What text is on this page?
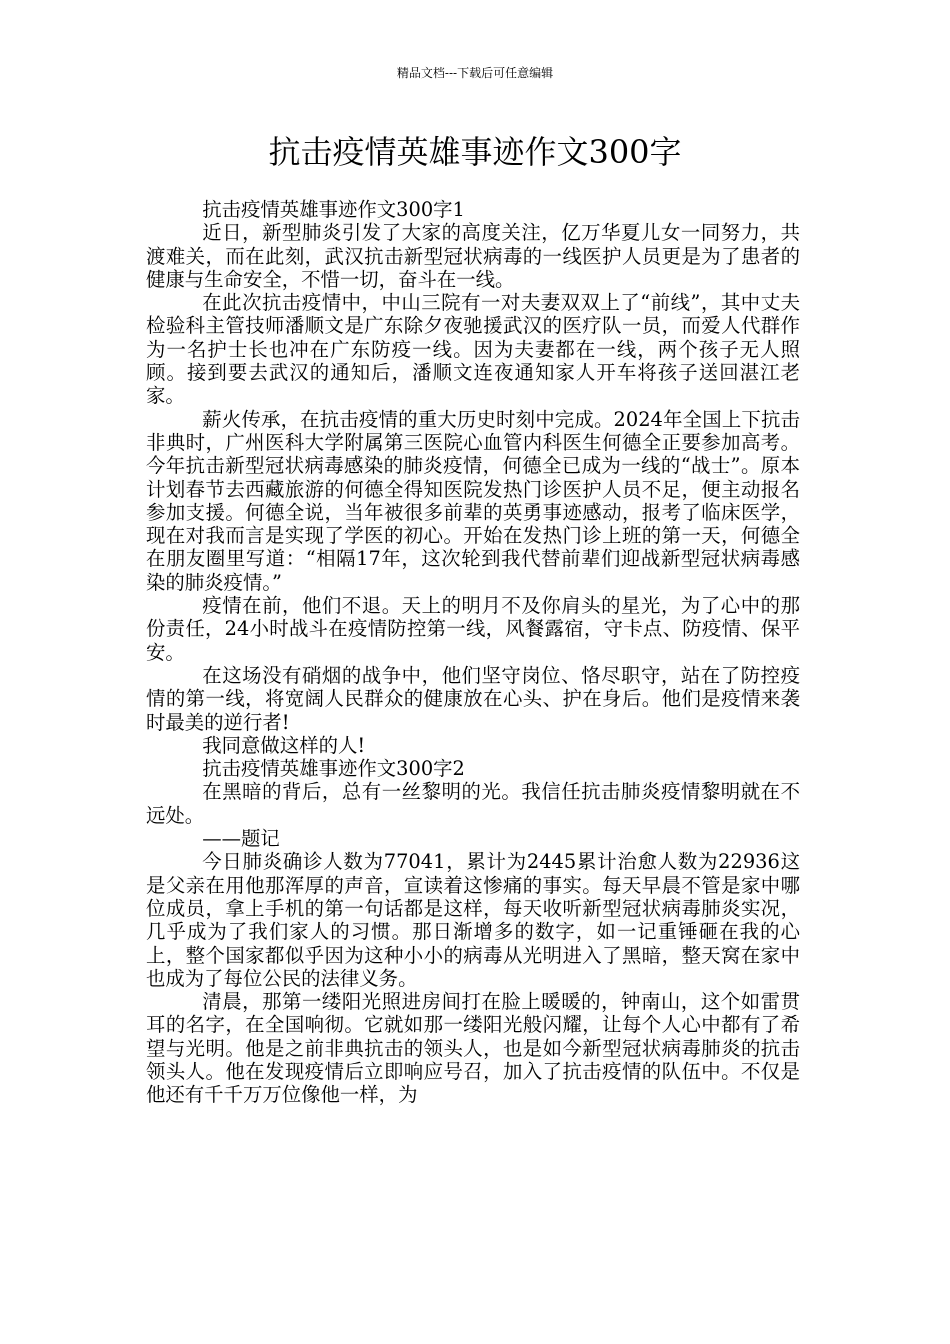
精品文档---下载后可任意编辑
抗击疫情英雄事迹作文300字

抗击疫情英雄事迹作文300字1

近日，新型肺炎引发了大家的高度关注，亿万华夏儿女一同努力，共渡难关，而在此刻，武汉抗击新型冠状病毒的一线医护人员更是为了患者的健康与生命安全，不惜一切，奋斗在一线。

在此次抗击疫情中，中山三院有一对夫妻双双上了“前线”，其中丈夫检验科主管技师潘顺文是广东除夕夜驰援武汉的医疗队一员，而爱人代群作为一名护士长也冲在广东防疫一线。因为夫妻都在一线，两个孩子无人照顾。接到要去武汉的通知后，潘顺文连夜通知家人开车将孩子送回湛江老家。

薪火传承，在抗击疫情的重大历史时刻中完成。2024年全国上下抗击非典时，广州医科大学附属第三医院心血管内科医生何德全正要参加高考。今年抗击新型冠状病毒感染的肺炎疫情，何德全已成为一线的“战士”。原本计划春节去西藏旅游的何德全得知医院发热门诊医护人员不足，便主动报名参加支援。何德全说，当年被很多前辈的英勇事迹感动，报考了临床医学，现在对我而言是实现了学医的初心。开始在发热门诊上班的第一天，何德全在朋友圈里写道：“相隔17年，这次轮到我代替前辈们迎战新型冠状病毒感染的肺炎疫情。”

疫情在前，他们不退。天上的明月不及你肩头的星光，为了心中的那份责任，24小时战斗在疫情防控第一线，风餐露宿，守卡点、防疫情、保平安。

在这场没有硝烟的战争中，他们坚守岗位、恪尽职守，站在了防控疫情的第一线，将宽阔人民群众的健康放在心头、护在身后。他们是疫情来袭时最美的逆行者!

我同意做这样的人!

抗击疫情英雄事迹作文300字2

在黑暗的背后，总有一丝黎明的光。我信任抗击肺炎疫情黎明就在不远处。

——题记

今日肺炎确诊人数为77041，累计为2445累计治愈人数为22936这是父亲在用他那浑厚的声音，宣读着这惨痛的事实。每天早晨不管是家中哪位成员，拿上手机的第一句话都是这样，每天收听新型冠状病毒肺炎实况，几乎成为了我们家人的习惯。那日渐增多的数字，如一记重锤砸在我的心上，整个国家都似乎因为这种小小的病毒从光明进入了黑暗，整天窝在家中也成为了每位公民的法律义务。

清晨，那第一缕阳光照进房间打在脸上暖暖的，钟南山，这个如雷贯耳的名字，在全国响彻。它就如那一缕阳光般闪耀，让每个人心中都有了希望与光明。他是之前非典抗击的领头人，也是如今新型冠状病毒肺炎的抗击领头人。他在发现疫情后立即响应号召，加入了抗击疫情的队伍中。不仅是他还有千千万万位像他一样，为
